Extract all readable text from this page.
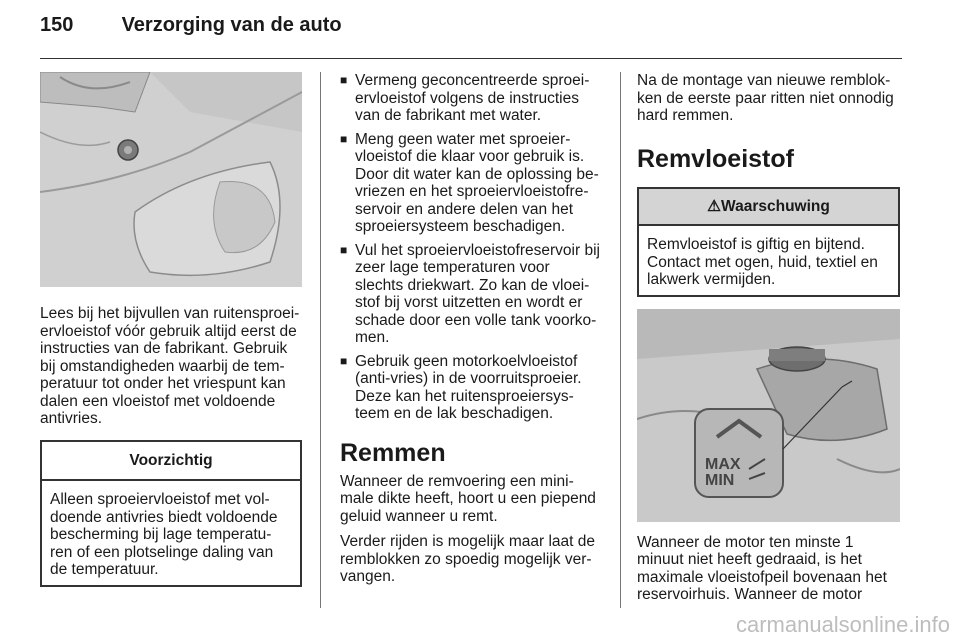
150 Verzorging van de auto

Lees bij het bijvullen van ruitensproei-ervloeistof vóór gebruik altijd eerst de instructies van de fabrikant. Gebruik bij omstandigheden waarbij de tem-peratuur tot onder het vriespunt kan dalen een vloeistof met voldoende antivries.

Voorzichtig
Alleen sproeiervloeistof met vol-doende antivries biedt voldoende bescherming bij lage temperatu-ren of een plotselinge daling van de temperatuur.
■ Vermeng geconcentreerde sproei-ervloeistof volgens de instructies van de fabrikant met water.
■ Meng geen water met sproeier-vloeistof die klaar voor gebruik is. Door dit water kan de oplossing be-vriezen en het sproeiervloeistofre-servoir en andere delen van het sproeiersysteem beschadigen.
■ Vul het sproeiervloeistofreservoir bij zeer lage temperaturen voor slechts driekwart. Zo kan de vloei-stof bij vorst uitzetten en wordt er schade door een volle tank voorko-men.
■ Gebruik geen motorkoelvloeistof (anti-vries) in de voorruitsproeier. Deze kan het ruitensproeiersys-teem en de lak beschadigen.
Remmen

Wanneer de remvoering een mini-male dikte heeft, hoort u een piepend geluid wanneer u remt.

Verder rijden is mogelijk maar laat de remblokken zo spoedig mogelijk ver-vangen.

Na de montage van nieuwe remblok-ken de eerste paar ritten niet onnodig hard remmen.

Remvloeistof
⚠Waarschuwing
Remvloeistof is giftig en bijtend. Contact met ogen, huid, textiel en lakwerk vermijden.
MAX
MIN

Wanneer de motor ten minste 1 minuut niet heeft gedraaid, is het maximale vloeistofpeil bovenaan het reservoirhuis. Wanneer de motor

carmanualsonline.info
